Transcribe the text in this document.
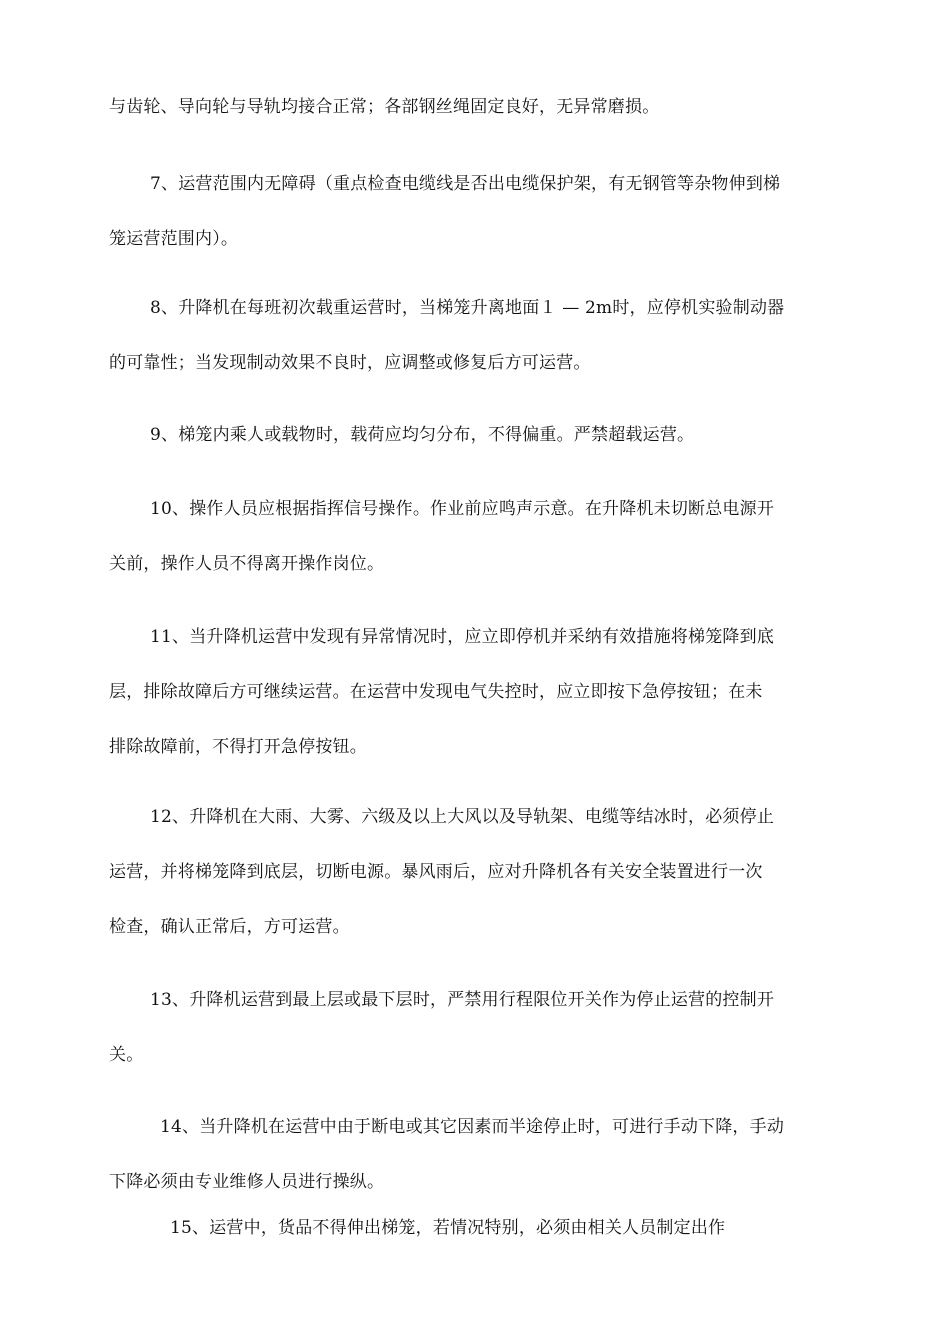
与齿轮、导向轮与导轨均接合正常；各部钢丝绳固定良好，无异常磨损。
7、运营范围内无障碍（重点检查电缆线是否出电缆保护架，有无钢管等杂物伸到梯
笼运营范围内）。
8、升降机在每班初次载重运营时，当梯笼升离地面１ — 2m时，应停机实验制动器
的可靠性；当发现制动效果不良时，应调整或修复后方可运营。
9、梯笼内乘人或载物时，载荷应均匀分布，不得偏重。严禁超载运营。
10、操作人员应根据指挥信号操作。作业前应鸣声示意。在升降机未切断总电源开
关前，操作人员不得离开操作岗位。
11、当升降机运营中发现有异常情况时，应立即停机并采纳有效措施将梯笼降到底
层，排除故障后方可继续运营。在运营中发现电气失控时，应立即按下急停按钮；在未
排除故障前，不得打开急停按钮。
12、升降机在大雨、大雾、六级及以上大风以及导轨架、电缆等结冰时，必须停止
运营，并将梯笼降到底层，切断电源。暴风雨后，应对升降机各有关安全装置进行一次
检查，确认正常后，方可运营。
13、升降机运营到最上层或最下层时，严禁用行程限位开关作为停止运营的控制开
关。
14、当升降机在运营中由于断电或其它因素而半途停止时，可进行手动下降，手动
下降必须由专业维修人员进行操纵。
15、运营中，货品不得伸出梯笼，若情况特别，必须由相关人员制定出作
